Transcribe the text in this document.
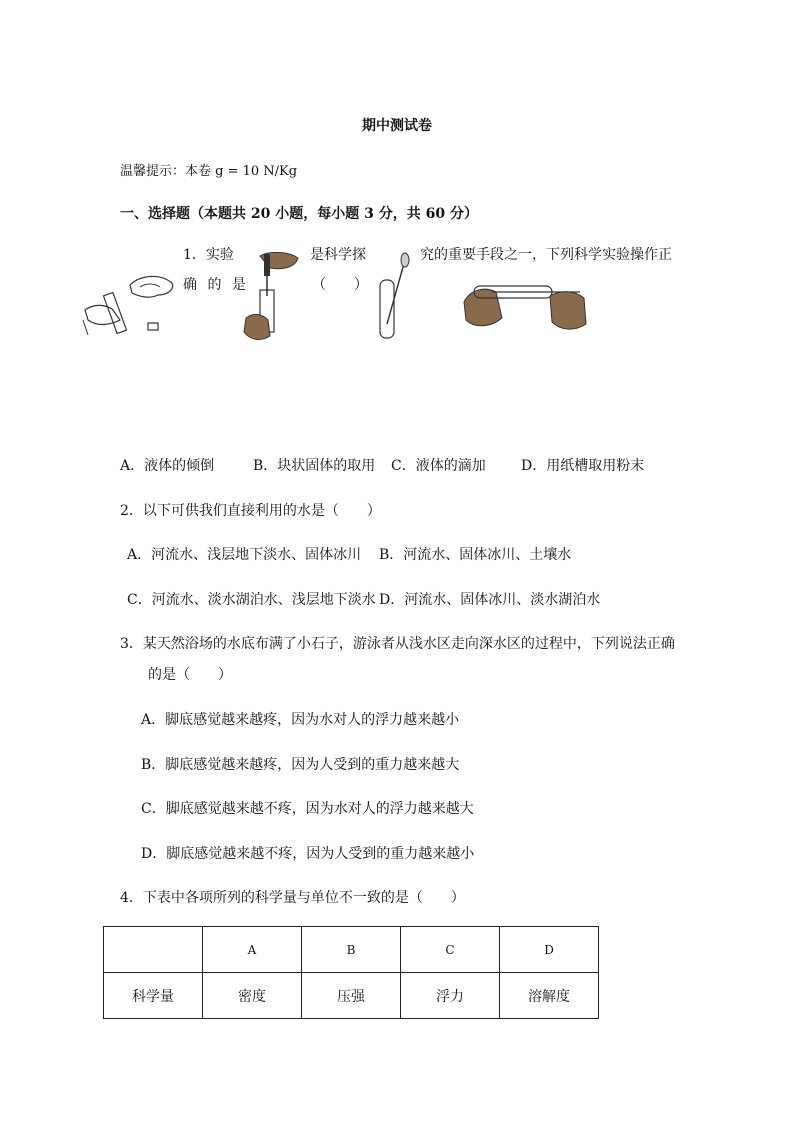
期中测试卷
温馨提示：本卷 g = 10 N/Kg
一、选择题（本题共 20 小题，每小题 3 分，共 60 分）
1．实验	是科学探	究的重要手段之一，下列科学实验操作正
确 的 是	（　　）
A．液体的倾倒	B．块状固体的取用 C．液体的滴加	D．用纸槽取用粉末
2．以下可供我们直接利用的水是（　　）
A．河流水、浅层地下淡水、固体冰川 B．河流水、固体冰川、土壤水
C．河流水、淡水湖泊水、浅层地下淡水 D．河流水、固体冰川、淡水湖泊水
3．某天然浴场的水底布满了小石子，游泳者从浅水区走向深水区的过程中，下列说法正确
的是（　　）
A．脚底感觉越来越疼，因为水对人的浮力越来越小
B．脚底感觉越来越疼，因为人受到的重力越来越大
C．脚底感觉越来越不疼，因为水对人的浮力越来越大
D．脚底感觉越来越不疼，因为人受到的重力越来越小
4．下表中各项所列的科学量与单位不一致的是（　　）
	A	B	C	D
科学量	密度	压强	浮力	溶解度
